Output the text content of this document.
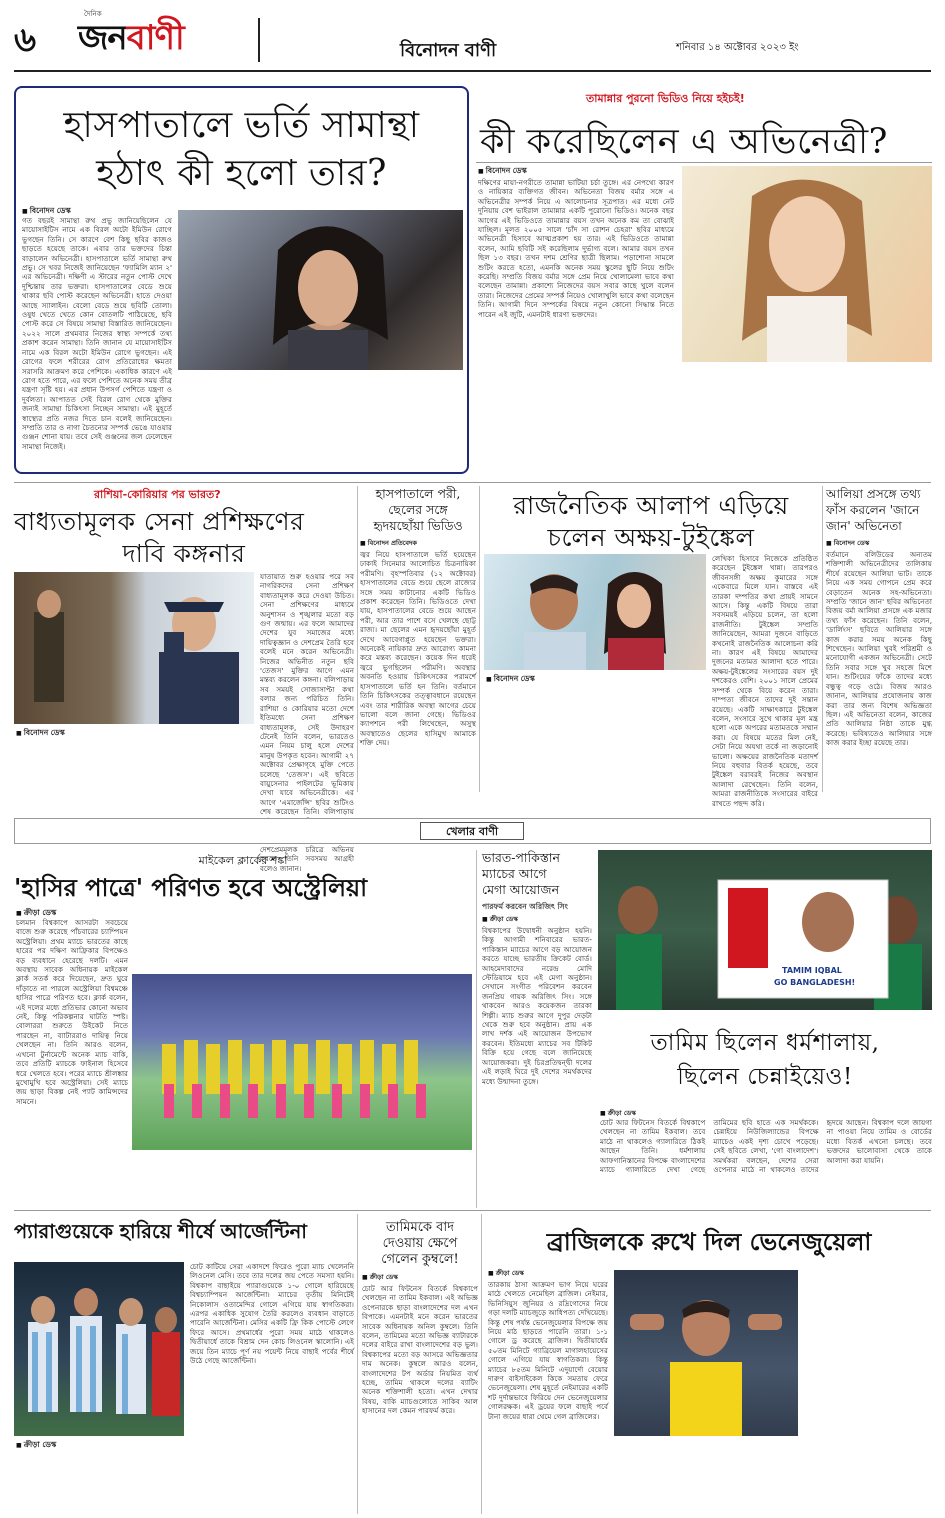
৬
দৈনিক
জনবাণী	বিনোদন বাণী	শনিবার ১৪ অক্টোবর ২০২৩ ইং
হাসপাতালে ভর্তি সামান্থা
হঠাৎ কী হলো তার?
■ বিনোদন ডেস্ক
গত বছরই সামান্থা রুথ প্রভু জানিয়েছিলেন যে মায়োসাইটিস নামে এক বিরল অটো ইমিউন রোগে ভুগছেন তিনি। সে কারণে বেশ কিছু ছবির কাজও ছাড়তে হয়েছে তাকে। এবার তার ভক্তদের চিন্তা বাড়ালেন অভিনেত্রী। হাসপাতালে ভর্তি সামান্থা রুথ প্রভু। সে খবর নিজেই জানিয়েছেন 'ফ্যামিলি ম্যান ২' এর অভিনেত্রী। দক্ষিণী এ স্টারের নতুন পোস্ট দেখে দুশ্চিন্তায় তার ভক্তরা। হাসপাতালের বেডে শুয়ে থাকার ছবি পোস্ট করেছেন অভিনেত্রী। হাতে দেওয়া আছে স্যালাইন। বেলো বেডে শুয়ে ছবিটি তোলা। ওষুধ খেতে খেতে কোন বোতলটি পাঠিয়েছে, ছবি পোস্ট করে সে বিষয়ে সামান্থা বিস্তারিত জানিয়েছেন। ২০২২ সালে প্রথমবার নিজের স্বাস্থ্য সম্পর্কে তথ্য প্রকাশ করেন সামান্থা। তিনি জানান যে মায়োসাইটিস নামে এক বিরল অটো ইমিউন রোগে ভুগছেন। এই রোগের ফলে শরীরের রোগ প্রতিরোধের ক্ষমতা সরাসরি আক্রমণ করে পেশিকে। একাধিক কারণে এই রোগ হতে পারে, এর ফলে পেশিতে অনেক সময় তীব্র যন্ত্রণা সৃষ্টি হয়। এর প্রধান উপসর্গ পেশিতে যন্ত্রণা ও দুর্বলতা। আপাতত সেই বিরল রোগ থেকে মুক্তির জন্যই সামান্থা চিকিৎসা নিচ্ছেন সামান্থা। এই মুহূর্তে স্বাস্থ্যের প্রতি নজর দিতে চান বলেই জানিয়েছেন। সম্প্রতি তার ও নাগা চৈতন্যের সম্পর্ক ভেঙে যাওয়ার গুঞ্জন শোনা যায়। তবে সেই গুঞ্জনের জল ঢেলেছেন সামান্থা নিজেই।
তামান্নার পুরনো ভিডিও নিয়ে হইচই!
কী করেছিলেন এ অভিনেত্রী?
■ বিনোদন ডেস্ক
দক্ষিণের মায়া-নগরীতে তামান্না ভাটিয়া চর্চা তুঙ্গে। এর নেপথ্যে কারণ ও নায়িকার ব্যক্তিগত জীবন। অভিনেতা বিজয় বর্মার সঙ্গে এ অভিনেত্রীর সম্পর্ক নিয়ে এ আলোচনার সূত্রপাত। এর মধ্যে নেট দুনিয়ায় বেশ ভাইরাল তামান্নার একটি পুরোনো ভিডিও। অনেক বছর আগের এই ভিডিওতে তামান্নার বয়স তখন অনেক কম তা বোঝাই যাচ্ছিল। মূলত ২০০৫ সালে 'চাঁদ সা রোশন চেহরা' ছবির মাধ্যমে অভিনেত্রী হিসাবে আত্মপ্রকাশ হয় তার। এই ভিডিওতে তামান্না বলেন, আমি ছবিটি সই করেছিলাম দুর্ভাগ্য বলে। আমার বয়স তখন ছিল ১৩ বছর। তখন দশম শ্রেণির ছাত্রী ছিলাম। পড়াশোনা সামলে শুটিং করতে হতো, এমনকি অনেক সময় স্কুলের ছুটি নিয়ে শুটিং করেছি। সম্প্রতি বিজয় বর্মার সঙ্গে প্রেম নিয়ে খোলামেলা ভাবে কথা বলেছেন তামান্না। প্রকাশ্যে নিজেদের বয়স সবার কাছে খুলে বলেন তারা। নিজেদের প্রেমের সম্পর্ক নিয়েও খোলাখুলি ভাবে কথা বলেছেন তিনি। আগামী দিনে সম্পর্কের বিষয়ে নতুন কোনো সিদ্ধান্ত নিতে পারেন এই জুটি, এমনটাই ধারণা ভক্তদের।
রাশিয়া-কোরিয়ার পর ভারত?
বাধ্যতামূলক সেনা প্রশিক্ষণের
দাবি কঙ্গনার
■ বিনোদন ডেস্ক
যাতায়াত শুরু হওয়ার পরে সব নাগরিকদের সেনা প্রশিক্ষণ বাধ্যতামূলক করে দেওয়া উচিত। সেনা প্রশিক্ষণের মাধ্যমে অনুশাসন ও শৃঙ্খলার মতো বড় গুণ জন্মায়। এর ফলে আমাদের দেশের যুব সমাজের মধ্যে দায়িত্বজ্ঞান ও দেশপ্রেম তৈরি হবে বলেই মনে করেন অভিনেত্রী। নিজের অভিনীত নতুন ছবি 'তেজস' মুক্তির আগে এমন মন্তব্য করলেন কঙ্গনা। বলিপাড়ায় সব সময়ই সোজাসাপ্টা কথা বলার জন্য পরিচিত তিনি। রাশিয়া ও কোরিয়ার মতো দেশে ইতিমধ্যে সেনা প্রশিক্ষণ বাধ্যতামূলক, সেই উদাহরণ টেনেই তিনি বলেন, ভারতেও এমন নিয়ম চালু হলে দেশের মানুষ উপকৃত হবেন। আগামী ২৭ অক্টোবর প্রেক্ষাগৃহে মুক্তি পেতে চলেছে 'তেজস'। এই ছবিতে বায়ুসেনার পাইলটের ভূমিকায় দেখা যাবে অভিনেত্রীকে। এর আগে 'এমার্জেন্সি' ছবির শুটিংও শেষ করেছেন তিনি। বলিপাড়ায় দেশপ্রেমমূলক চরিত্রে অভিনয় করতে তিনি সবসময় আগ্রহী বলেও জানান।
হাসপাতালে পরী,
ছেলের সঙ্গে
হৃদয়ছোঁয়া ভিডিও
■ বিনোদন প্রতিবেদক
জ্বর নিয়ে হাসপাতালে ভর্তি হয়েছেন ঢাকাই সিনেমার আলোচিত চিত্রনায়িকা পরীমণি। বৃহস্পতিবার (১২ অক্টোবর) হাসপাতালের বেডে শুয়ে ছেলে রাজ্যের সঙ্গে সময় কাটানোর একটি ভিডিও প্রকাশ করেছেন তিনি। ভিডিওতে দেখা যায়, হাসপাতালের বেডে শুয়ে আছেন পরী, আর তার পাশে বসে খেলছে ছোট্ট রাজ্য। মা ছেলের এমন হৃদয়ছোঁয়া মুহূর্ত দেখে আবেগাপ্লুত হয়েছেন ভক্তরা। অনেকেই নায়িকার দ্রুত আরোগ্য কামনা করে মন্তব্য করেছেন। কয়েক দিন ধরেই জ্বরে ভুগছিলেন পরীমণি। অবস্থার অবনতি হওয়ায় চিকিৎসকের পরামর্শে হাসপাতালে ভর্তি হন তিনি। বর্তমানে তিনি চিকিৎসকের তত্ত্বাবধানে রয়েছেন এবং তার শারীরিক অবস্থা আগের চেয়ে ভালো বলে জানা গেছে। ভিডিওর ক্যাপশনে পরী লিখেছেন, অসুস্থ অবস্থাতেও ছেলের হাসিমুখ আমাকে শক্তি দেয়।
রাজনৈতিক আলাপ এড়িয়ে
চলেন অক্ষয়-টুইঙ্কেল
■ বিনোদন ডেস্ক
লেখিকা হিসাবে নিজেকে প্রতিষ্ঠিত করেছেন টুইঙ্কেল খান্না। তারপরও জীবনসঙ্গী অক্ষয় কুমারের সঙ্গে একেবারে মিলে যান। বাস্তবে এই তারকা দম্পতির কথা প্রায়ই সামনে আসে। কিন্তু একটি বিষয়ে তারা সবসময়ই এড়িয়ে চলেন, তা হলো রাজনীতি। টুইঙ্কেল সম্প্রতি জানিয়েছেন, আমরা দুজনে বাড়িতে কখনোই রাজনৈতিক আলোচনা করি না। কারণ এই বিষয়ে আমাদের দুজনের মতামত আলাদা হতে পারে। অক্ষয়-টুইঙ্কেলের সংসারের বয়স দুই দশকেরও বেশি। ২০০১ সালে প্রেমের সম্পর্ক থেকে বিয়ে করেন তারা। দাম্পত্য জীবনে তাদের দুই সন্তান রয়েছে। একটি সাক্ষাৎকারে টুইঙ্কেল বলেন, সংসারে সুখে থাকার মূল মন্ত্র হলো একে অপরের মতামতকে সম্মান করা। যে বিষয়ে মতের মিল নেই, সেটা নিয়ে অযথা তর্কে না জড়ানোই ভালো। অক্ষয়ের রাজনৈতিক মতাদর্শ নিয়ে বহুবার বিতর্ক হয়েছে, তবে টুইঙ্কেল বরাবরই নিজের অবস্থান আলাদা রেখেছেন। তিনি বলেন, আমরা রাজনীতিকে সংসারের বাইরে রাখতে পছন্দ করি।
আলিয়া প্রসঙ্গে তথ্য
ফাঁস করলেন 'জানে
জান' অভিনেতা
■ বিনোদন ডেস্ক
বর্তমানে বলিউডের অন্যতম শক্তিশালী অভিনেত্রীদের তালিকায় শীর্ষে রয়েছেন আলিয়া ভাট। তাকে নিয়ে এক সময় গোপনে প্রেম করে বেড়াতেন অনেক সহ-অভিনেতা। সম্প্রতি 'জানে জান' ছবির অভিনেতা বিজয় বর্মা আলিয়া প্রসঙ্গে এক মজার তথ্য ফাঁস করেছেন। তিনি বলেন, 'ডার্লিংস' ছবিতে আলিয়ার সঙ্গে কাজ করার সময় অনেক কিছু শিখেছেন। আলিয়া খুবই পরিশ্রমী ও মনোযোগী একজন অভিনেত্রী। সেটে তিনি সবার সঙ্গে খুব সহজে মিশে যান। শুটিংয়ের ফাঁকে তাদের মধ্যে বন্ধুত্ব গড়ে ওঠে। বিজয় আরও জানান, আলিয়ার প্রযোজনায় কাজ করা তার জন্য বিশেষ অভিজ্ঞতা ছিল। এই অভিনেতা বলেন, কাজের প্রতি আলিয়ার নিষ্ঠা তাকে মুগ্ধ করেছে। ভবিষ্যতেও আলিয়ার সঙ্গে কাজ করার ইচ্ছা রয়েছে তার।
খেলার বাণী
মাইকেল ক্লার্কের শঙ্কা
'হাসির পাত্রে' পরিণত হবে অস্ট্রেলিয়া
■ ক্রীড়া ডেস্ক
চলমান বিশ্বকাপে আসরটা সবচেয়ে বাজে শুরু করেছে পাঁচবারের চ্যাম্পিয়ন অস্ট্রেলিয়া। প্রথম ম্যাচে ভারতের কাছে হারের পর দক্ষিণ আফ্রিকার বিপক্ষেও বড় ব্যবধানে হেরেছে দলটি। এমন অবস্থায় সাবেক অধিনায়ক মাইকেল ক্লার্ক সতর্ক করে দিয়েছেন, দ্রুত ঘুরে দাঁড়াতে না পারলে অস্ট্রেলিয়া বিশ্বমঞ্চে হাসির পাত্রে পরিণত হবে। ক্লার্ক বলেন, এই দলের মধ্যে প্রতিভার কোনো অভাব নেই, কিন্তু পরিকল্পনার ঘাটতি স্পষ্ট। বোলাররা শুরুতে উইকেট নিতে পারছেন না, ব্যাটাররাও দায়িত্ব নিয়ে খেলছেন না। তিনি আরও বলেন, এখনো টুর্নামেন্টে অনেক ম্যাচ বাকি, তবে প্রতিটি ম্যাচকে ফাইনাল হিসেবে ধরে খেলতে হবে। পরের ম্যাচে শ্রীলঙ্কার মুখোমুখি হবে অস্ট্রেলিয়া। সেই ম্যাচে জয় ছাড়া বিকল্প নেই প্যাট কামিন্সদের সামনে।
ভারত-পাকিস্তান
ম্যাচের আগে
মেগা আয়োজন
পারফর্ম করবেন অরিজিৎ সিং
■ ক্রীড়া ডেস্ক
বিশ্বকাপের উদ্বোধনী অনুষ্ঠান হয়নি। কিন্তু আগামী শনিবারের ভারত-পাকিস্তান ম্যাচের আগে বড় আয়োজন করতে যাচ্ছে ভারতীয় ক্রিকেট বোর্ড। আহমেদাবাদের নরেন্দ্র মোদি স্টেডিয়ামে হবে এই মেগা অনুষ্ঠান। সেখানে সংগীত পরিবেশন করবেন জনপ্রিয় গায়ক অরিজিৎ সিং। সঙ্গে থাকবেন আরও কয়েকজন তারকা শিল্পী। ম্যাচ শুরুর আগে দুপুর দেড়টা থেকে শুরু হবে অনুষ্ঠান। প্রায় এক লাখ দর্শক এই আয়োজন উপভোগ করবেন। ইতিমধ্যে ম্যাচের সব টিকিট বিক্রি হয়ে গেছে বলে জানিয়েছে আয়োজকরা। দুই চিরপ্রতিদ্বন্দ্বী দলের এই লড়াই ঘিরে দুই দেশের সমর্থকদের মধ্যে উন্মাদনা তুঙ্গে।
TAMIM IQBAL
GO BANGLADESH!
তামিম ছিলেন ধর্মশালায়,
ছিলেন চেন্নাইয়েও!
■ ক্রীড়া ডেস্ক
চোট আর ফিটনেস বিতর্কে বিশ্বকাপে খেলছেন না তামিম ইকবাল। তবে মাঠে না থাকলেও গ্যালারিতে ঠিকই আছেন তিনি। ধর্মশালায় আফগানিস্তানের বিপক্ষে বাংলাদেশের ম্যাচে গ্যালারিতে দেখা গেছে তামিমের ছবি হাতে এক সমর্থককে। চেন্নাইয়ে নিউজিল্যান্ডের বিপক্ষে ম্যাচেও একই দৃশ্য চোখে পড়েছে। সেই ছবিতে লেখা, 'গো বাংলাদেশ'। সমর্থকরা বলছেন, দেশের সেরা ওপেনার মাঠে না থাকলেও তাদের হৃদয়ে আছেন। বিশ্বকাপ দলে জায়গা না পাওয়া নিয়ে তামিম ও বোর্ডের মধ্যে বিতর্ক এখনো চলছে। তবে ভক্তদের ভালোবাসা থেকে তাকে আলাদা করা যায়নি।
প্যারাগুয়েকে হারিয়ে শীর্ষে আর্জেন্টিনা
■ ক্রীড়া ডেস্ক
চোট কাটিয়ে সেরা একাদশে ফিরেও পুরো ম্যাচ খেলেননি লিওনেল মেসি। তবে তার দলের জয় পেতে সমস্যা হয়নি। বিশ্বকাপ বাছাইয়ে প্যারাগুয়েকে ১-০ গোলে হারিয়েছে বিশ্বচ্যাম্পিয়ন আর্জেন্টিনা। ম্যাচের তৃতীয় মিনিটেই নিকোলাস ওতামেন্দির গোলে এগিয়ে যায় স্বাগতিকরা। এরপর একাধিক সুযোগ তৈরি করলেও ব্যবধান বাড়াতে পারেনি আর্জেন্টিনা। মেসির একটি ফ্রি কিক পোস্টে লেগে ফিরে আসে। প্রথমার্ধের পুরো সময় মাঠে থাকলেও দ্বিতীয়ার্ধে তাকে বিশ্রাম দেন কোচ লিওনেল স্কালোনি। এই জয়ে তিন ম্যাচে পূর্ণ নয় পয়েন্ট নিয়ে বাছাই পর্বের শীর্ষে উঠে গেছে আর্জেন্টিনা।
তামিমকে বাদ
দেওয়ায় ক্ষেপে
গেলেন কুম্বলে!
■ ক্রীড়া ডেস্ক
চোট আর ফিটনেস বিতর্কে বিশ্বকাপে খেলছেন না তামিম ইকবাল। এই অভিজ্ঞ ওপেনারকে ছাড়া বাংলাদেশের দল এখন বিপাকে। এমনটাই মনে করেন ভারতের সাবেক অধিনায়ক অনিল কুম্বলে। তিনি বলেন, তামিমের মতো অভিজ্ঞ ব্যাটারকে দলের বাইরে রাখা বাংলাদেশের বড় ভুল। বিশ্বকাপের মতো বড় আসরে অভিজ্ঞতার দাম অনেক। কুম্বলে আরও বলেন, বাংলাদেশের টপ অর্ডার নিয়মিত ব্যর্থ হচ্ছে, তামিম থাকলে দলের ব্যাটিং অনেক শক্তিশালী হতো। এখন দেখার বিষয়, বাকি ম্যাচগুলোতে সাকিব আল হাসানের দল কেমন পারফর্ম করে।
ব্রাজিলকে রুখে দিল ভেনেজুয়েলা
■ ক্রীড়া ডেস্ক
তারকায় ঠাসা আক্রমণ ভাগ নিয়ে ঘরের মাঠে খেলতে নেমেছিল ব্রাজিল। নেইমার, ভিনিসিয়ুস জুনিয়র ও রদ্রিগোদের নিয়ে গড়া দলটি ম্যাচজুড়ে আধিপত্য দেখিয়েছে। কিন্তু শেষ পর্যন্ত ভেনেজুয়েলার বিপক্ষে জয় নিয়ে মাঠ ছাড়তে পারেনি তারা। ১-১ গোলে ড্র করেছে ব্রাজিল। দ্বিতীয়ার্ধের ৫০তম মিনিটে গ্যাব্রিয়েল মাগালহায়েসের গোলে এগিয়ে যায় স্বাগতিকরা। কিন্তু ম্যাচের ৮৫তম মিনিটে এদুয়ার্দো বেয়োর দারুণ বাইসাইকেল কিকে সমতায় ফেরে ভেনেজুয়েলা। শেষ মুহূর্তে নেইমারের একটি শট দুর্দান্তভাবে ফিরিয়ে দেন ভেনেজুয়েলার গোলরক্ষক। এই ড্রয়ের ফলে বাছাই পর্বে টানা জয়ের ধারা থেমে গেল ব্রাজিলের।
